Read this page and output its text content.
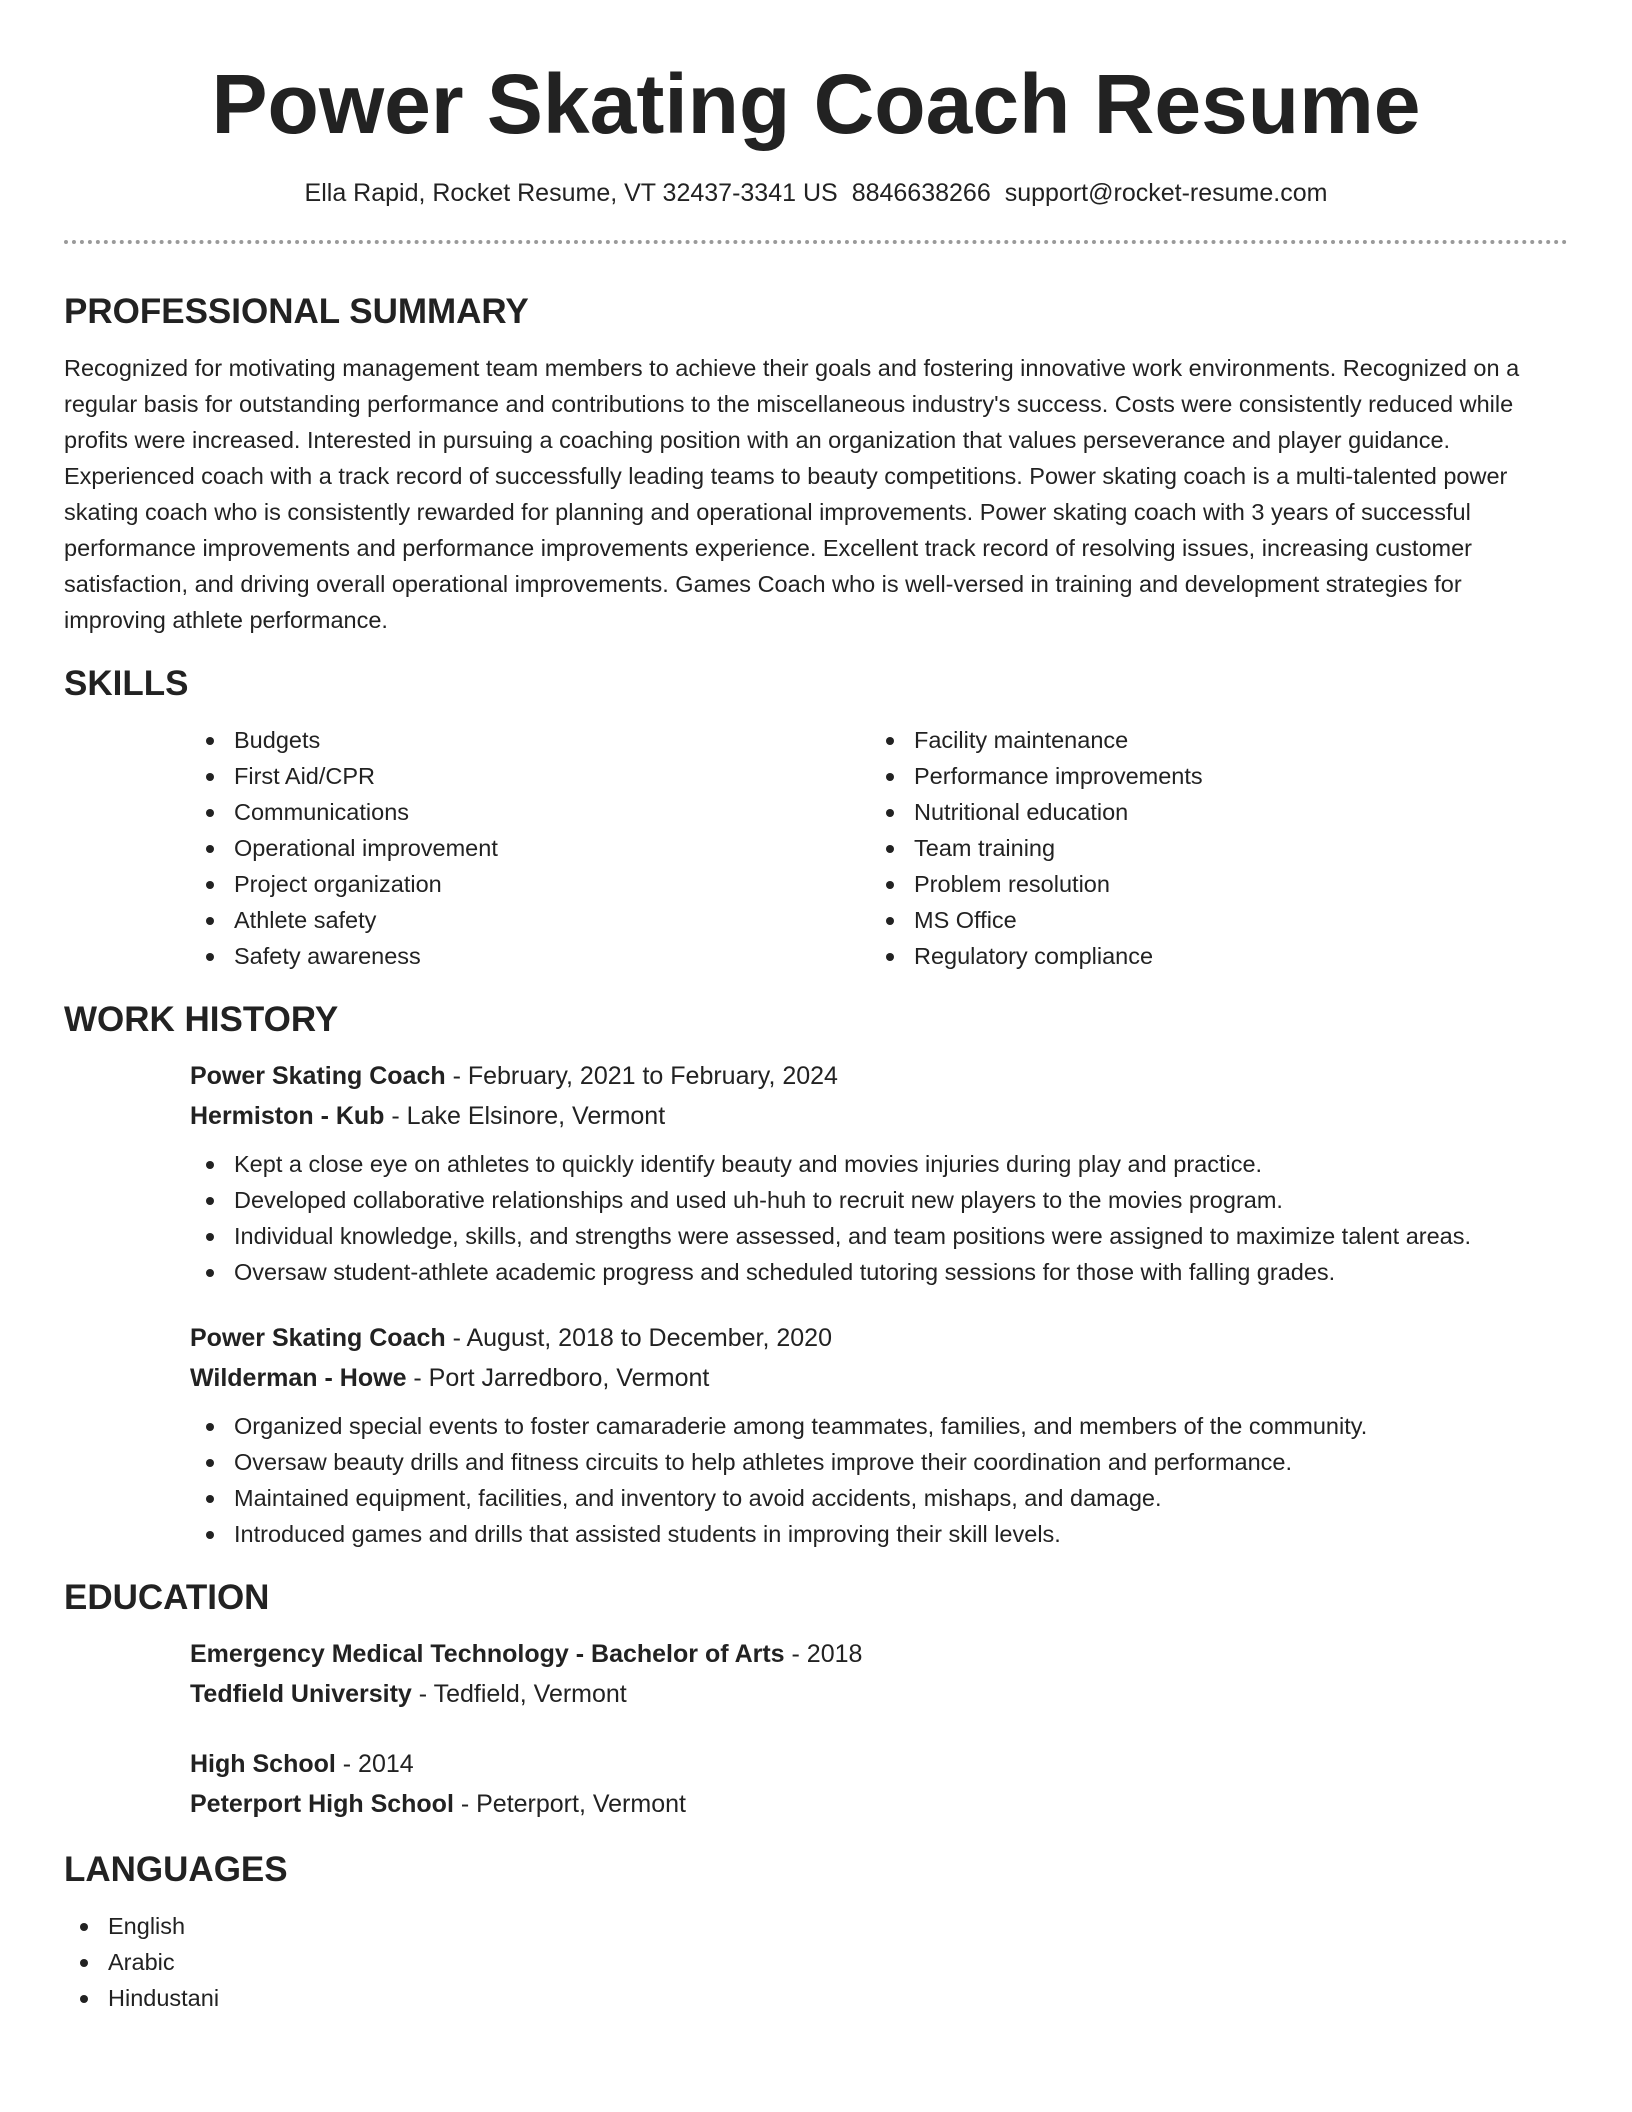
Power Skating Coach Resume
Ella Rapid, Rocket Resume, VT 32437-3341 US 8846638266 support@rocket-resume.com
PROFESSIONAL SUMMARY

Recognized for motivating management team members to achieve their goals and fostering innovative work environments. Recognized on a regular basis for outstanding performance and contributions to the miscellaneous industry's success. Costs were consistently reduced while profits were increased. Interested in pursuing a coaching position with an organization that values perseverance and player guidance. Experienced coach with a track record of successfully leading teams to beauty competitions. Power skating coach is a multi-talented power skating coach who is consistently rewarded for planning and operational improvements. Power skating coach with 3 years of successful performance improvements and performance improvements experience. Excellent track record of resolving issues, increasing customer satisfaction, and driving overall operational improvements. Games Coach who is well-versed in training and development strategies for improving athlete performance.

SKILLS
Budgets
First Aid/CPR
Communications
Operational improvement
Project organization
Athlete safety
Safety awareness
Facility maintenance
Performance improvements
Nutritional education
Team training
Problem resolution
MS Office
Regulatory compliance
WORK HISTORY
Power Skating Coach - February, 2021 to February, 2024
Hermiston - Kub - Lake Elsinore, Vermont
Kept a close eye on athletes to quickly identify beauty and movies injuries during play and practice.
Developed collaborative relationships and used uh-huh to recruit new players to the movies program.
Individual knowledge, skills, and strengths were assessed, and team positions were assigned to maximize talent areas.
Oversaw student-athlete academic progress and scheduled tutoring sessions for those with falling grades.
Power Skating Coach - August, 2018 to December, 2020
Wilderman - Howe - Port Jarredboro, Vermont
Organized special events to foster camaraderie among teammates, families, and members of the community.
Oversaw beauty drills and fitness circuits to help athletes improve their coordination and performance.
Maintained equipment, facilities, and inventory to avoid accidents, mishaps, and damage.
Introduced games and drills that assisted students in improving their skill levels.
EDUCATION
Emergency Medical Technology - Bachelor of Arts - 2018
Tedfield University - Tedfield, Vermont
High School - 2014
Peterport High School - Peterport, Vermont
LANGUAGES
English
Arabic
Hindustani
